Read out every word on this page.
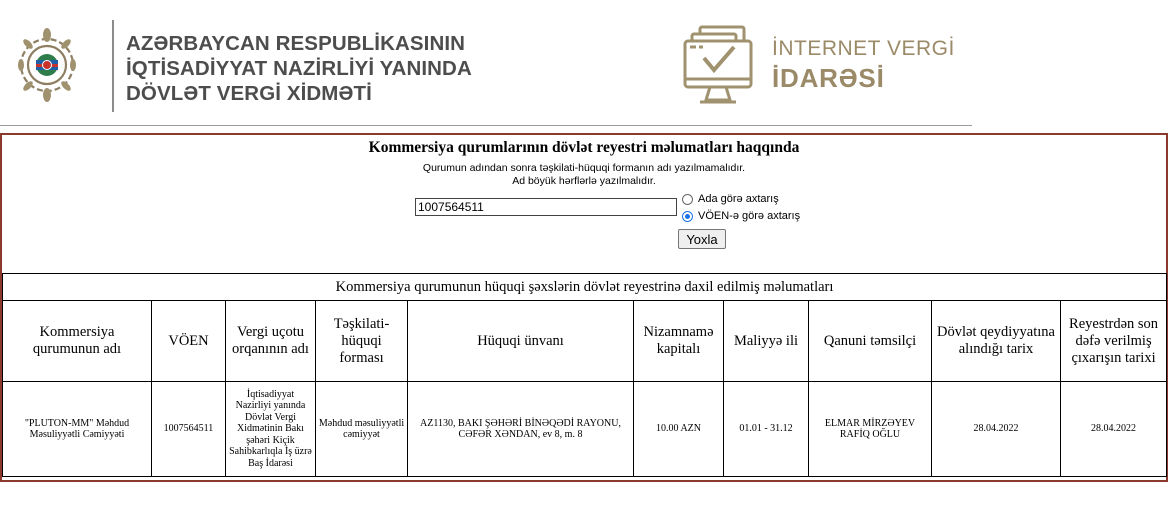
AZƏRBAYCAN RESPUBLİKASININ
İQTİSADİYYAT NAZİRLİYİ YANINDA
DÖVLƏT VERGİ XİDMƏTİ
İNTERNET VERGİ
İDARƏSİ
Kommersiya qurumlarının dövlət reyestri məlumatları haqqında
Qurumun adından sonra təşkilati-hüquqi formanın adı yazılmamalıdır.
Ad böyük hərflərlə yazılmalıdır.
1007564511
Ada görə axtarış
VÖEN-ə görə axtarış
Yoxla
Kommersiya qurumunun hüquqi şəxslərin dövlət reyestrinə daxil edilmiş məlumatları									
Kommersiya qurumunun adı	VÖEN	Vergi uçotu orqanının adı	Təşkilati-hüquqi forması	Hüquqi ünvanı	Nizamnamə kapitalı	Maliyyə ili	Qanuni təmsilçi	Dövlət qeydiyyatına alındığı tarix	Reyestrdən son dəfə verilmiş çıxarışın tarixi
"PLUTON-MM" Məhdud Məsuliyyətli Cəmiyyəti	1007564511	İqtisadiyyat Nazirliyi yanında Dövlət Vergi Xidmətinin Bakı şəhəri Kiçik Sahibkarlıqla İş üzrə Baş İdarəsi	Məhdud məsuliyyətli cəmiyyət	AZ1130, BAKI ŞƏHƏRİ BİNƏQƏDİ RAYONU, CƏFƏR XƏNDAN, ev 8, m. 8	10.00 AZN	01.01 - 31.12	ELMAR MİRZƏYEV RAFİQ OĞLU	28.04.2022	28.04.2022
